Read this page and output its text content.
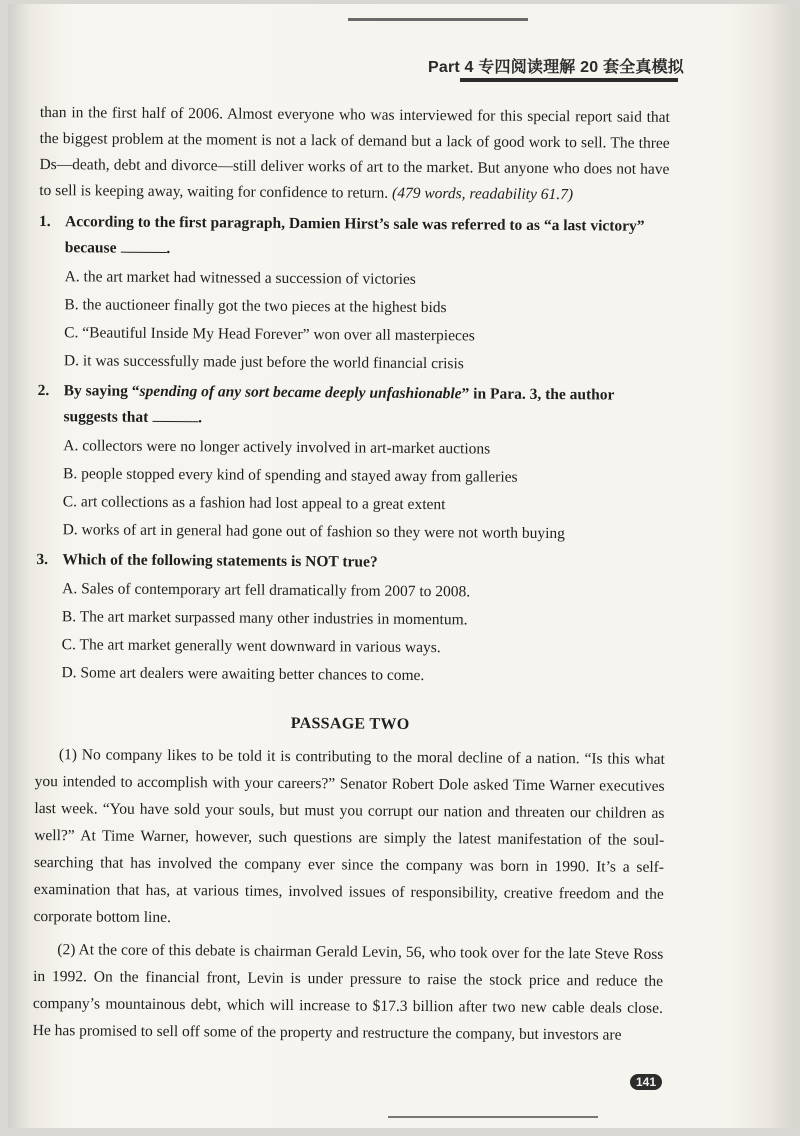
Part 4 专四阅读理解 20 套全真模拟

than in the first half of 2006. Almost everyone who was interviewed for this special report said that the biggest problem at the moment is not a lack of demand but a lack of good work to sell. The three Ds—death, debt and divorce—still deliver works of art to the market. But anyone who does not have to sell is keeping away, waiting for confidence to return. (479 words, readability 61.7)

1. According to the first paragraph, Damien Hirst’s sale was referred to as “a last victory” because	.

A. the art market had witnessed a succession of victories

B. the auctioneer finally got the two pieces at the highest bids

C. “Beautiful Inside My Head Forever” won over all masterpieces

D. it was successfully made just before the world financial crisis

2. By saying “spending of any sort became deeply unfashionable” in Para. 3, the author suggests that	.

A. collectors were no longer actively involved in art-market auctions

B. people stopped every kind of spending and stayed away from galleries

C. art collections as a fashion had lost appeal to a great extent

D. works of art in general had gone out of fashion so they were not worth buying

3. Which of the following statements is NOT true?

A. Sales of contemporary art fell dramatically from 2007 to 2008.

B. The art market surpassed many other industries in momentum.

C. The art market generally went downward in various ways.

D. Some art dealers were awaiting better chances to come.

PASSAGE TWO

(1) No company likes to be told it is contributing to the moral decline of a nation. “Is this what you intended to accomplish with your careers?” Senator Robert Dole asked Time Warner executives last week. “You have sold your souls, but must you corrupt our nation and threaten our children as well?” At Time Warner, however, such questions are simply the latest manifestation of the soul-searching that has involved the company ever since the company was born in 1990. It’s a self-examination that has, at various times, involved issues of responsibility, creative freedom and the corporate bottom line.

(2) At the core of this debate is chairman Gerald Levin, 56, who took over for the late Steve Ross in 1992. On the financial front, Levin is under pressure to raise the stock price and reduce the company’s mountainous debt, which will increase to $17.3 billion after two new cable deals close. He has promised to sell off some of the property and restructure the company, but investors are

141
